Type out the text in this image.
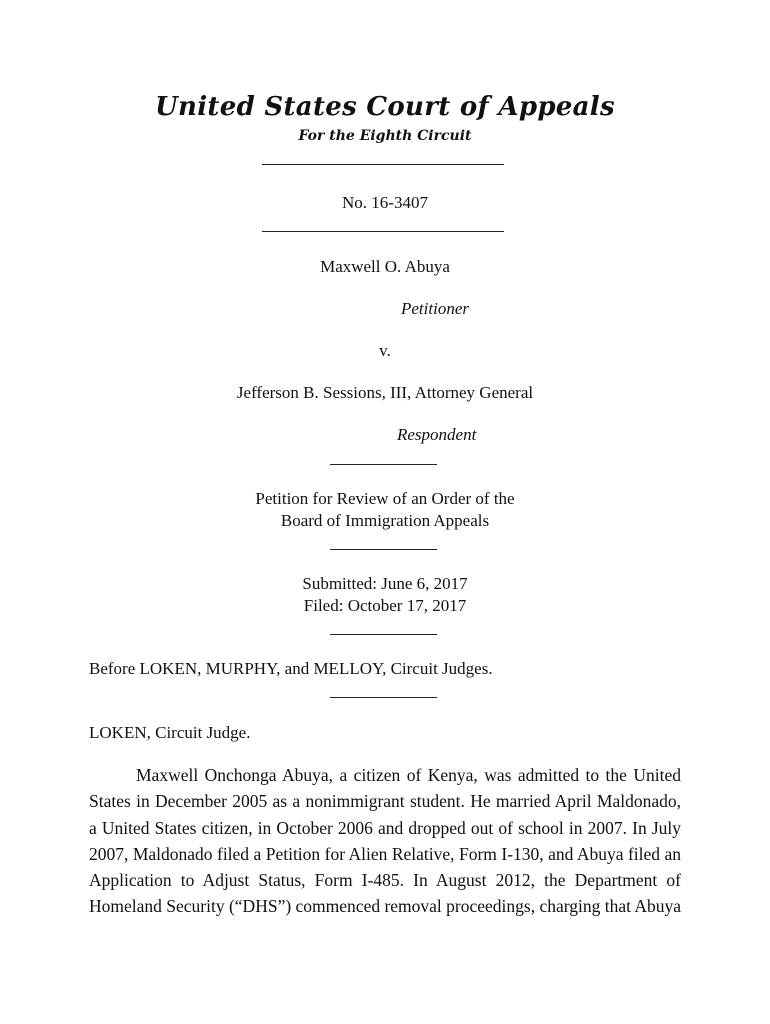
United States Court of Appeals
For the Eighth Circuit
No. 16-3407
Maxwell O. Abuya
Petitioner
v.
Jefferson B. Sessions, III, Attorney General
Respondent
Petition for Review of an Order of the
Board of Immigration Appeals
Submitted: June 6, 2017
Filed: October 17, 2017
Before LOKEN, MURPHY, and MELLOY, Circuit Judges.
LOKEN, Circuit Judge.
Maxwell Onchonga Abuya, a citizen of Kenya, was admitted to the United
States in December 2005 as a nonimmigrant student. He married April Maldonado,
a United States citizen, in October 2006 and dropped out of school in 2007. In July
2007, Maldonado filed a Petition for Alien Relative, Form I-130, and Abuya filed an
Application to Adjust Status, Form I-485. In August 2012, the Department of
Homeland Security (“DHS”) commenced removal proceedings, charging that Abuya
